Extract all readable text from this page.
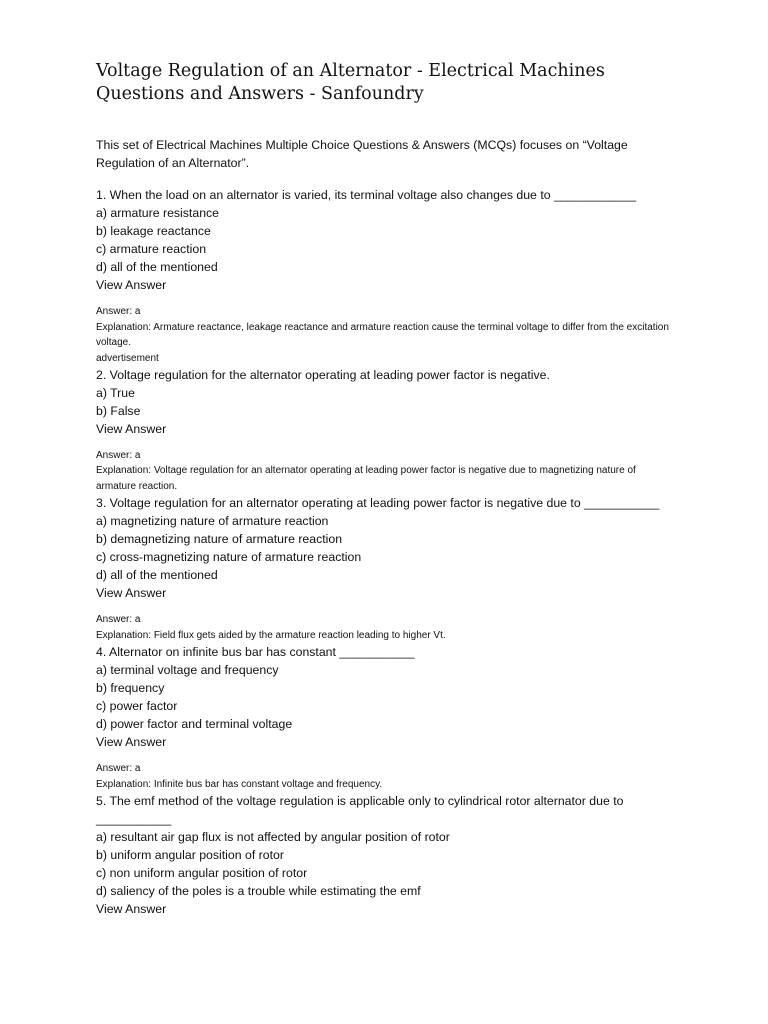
Voltage Regulation of an Alternator - Electrical Machines Questions and Answers - Sanfoundry
This set of Electrical Machines Multiple Choice Questions & Answers (MCQs) focuses on “Voltage Regulation of an Alternator”.
1. When the load on an alternator is varied, its terminal voltage also changes due to ____________
a) armature resistance
b) leakage reactance
c) armature reaction
d) all of the mentioned
View Answer
Answer: a
Explanation: Armature reactance, leakage reactance and armature reaction cause the terminal voltage to differ from the excitation voltage.
advertisement
2. Voltage regulation for the alternator operating at leading power factor is negative.
a) True
b) False
View Answer
Answer: a
Explanation: Voltage regulation for an alternator operating at leading power factor is negative due to magnetizing nature of armature reaction.
3. Voltage regulation for an alternator operating at leading power factor is negative due to ___________
a) magnetizing nature of armature reaction
b) demagnetizing nature of armature reaction
c) cross-magnetizing nature of armature reaction
d) all of the mentioned
View Answer
Answer: a
Explanation: Field flux gets aided by the armature reaction leading to higher Vt.
4. Alternator on infinite bus bar has constant ___________
a) terminal voltage and frequency
b) frequency
c) power factor
d) power factor and terminal voltage
View Answer
Answer: a
Explanation: Infinite bus bar has constant voltage and frequency.
5. The emf method of the voltage regulation is applicable only to cylindrical rotor alternator due to ___________
a) resultant air gap flux is not affected by angular position of rotor
b) uniform angular position of rotor
c) non uniform angular position of rotor
d) saliency of the poles is a trouble while estimating the emf
View Answer
